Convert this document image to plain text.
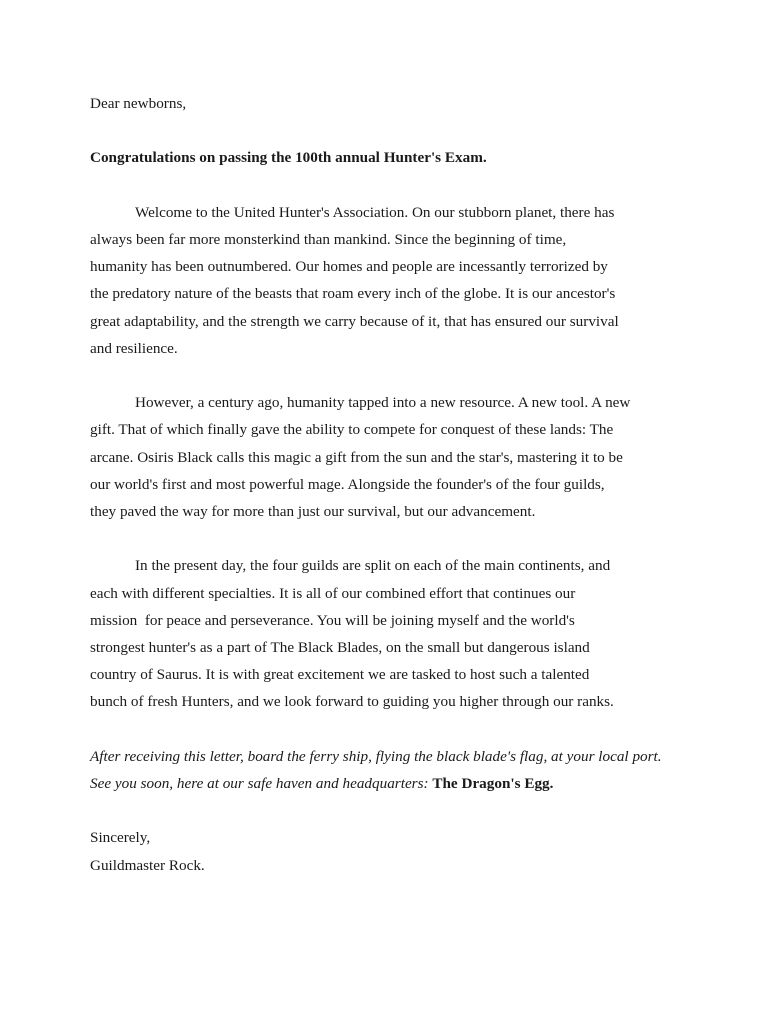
Dear newborns,

Congratulations on passing the 100th annual Hunter's Exam.

Welcome to the United Hunter's Association. On our stubborn planet, there has

always been far more monsterkind than mankind. Since the beginning of time,

humanity has been outnumbered. Our homes and people are incessantly terrorized by

the predatory nature of the beasts that roam every inch of the globe. It is our ancestor's

great adaptability, and the strength we carry because of it, that has ensured our survival

and resilience.

However, a century ago, humanity tapped into a new resource. A new tool. A new

gift. That of which finally gave the ability to compete for conquest of these lands: The

arcane. Osiris Black calls this magic a gift from the sun and the star's, mastering it to be

our world's first and most powerful mage. Alongside the founder's of the four guilds,

they paved the way for more than just our survival, but our advancement.

In the present day, the four guilds are split on each of the main continents, and

each with different specialties. It is all of our combined effort that continues our

mission  for peace and perseverance. You will be joining myself and the world's

strongest hunter's as a part of The Black Blades, on the small but dangerous island

country of Saurus. It is with great excitement we are tasked to host such a talented

bunch of fresh Hunters, and we look forward to guiding you higher through our ranks.

After receiving this letter, board the ferry ship, flying the black blade's flag, at your local port.

See you soon, here at our safe haven and headquarters: The Dragon's Egg.

Sincerely,

Guildmaster Rock.
